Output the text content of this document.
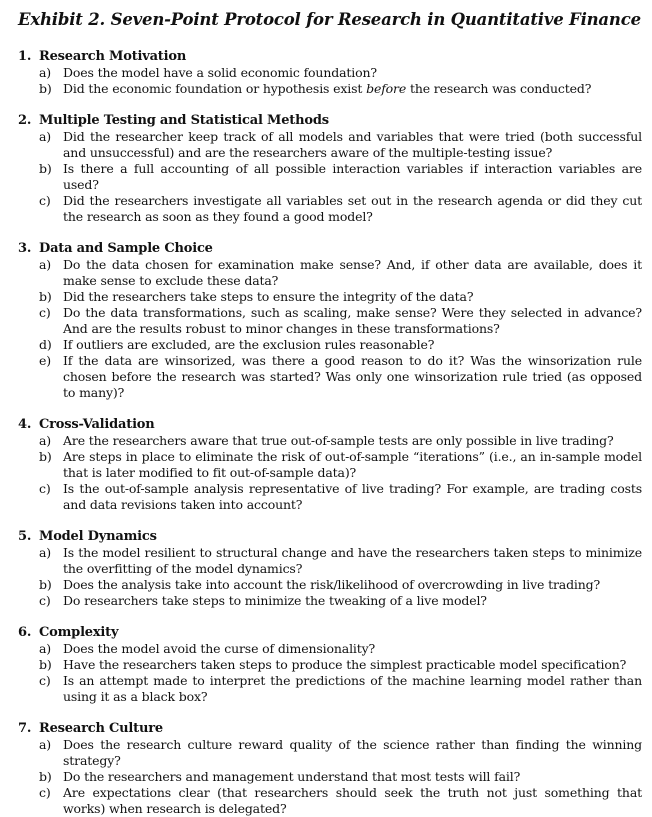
Exhibit 2. Seven-Point Protocol for Research in Quantitative Finance
1. Research Motivation
a) Does the model have a solid economic foundation?
b) Did the economic foundation or hypothesis exist before the research was conducted?
2. Multiple Testing and Statistical Methods
a) Did the researcher keep track of all models and variables that were tried (both successful and unsuccessful) and are the researchers aware of the multiple-testing issue?
b) Is there a full accounting of all possible interaction variables if interaction variables are used?
c) Did the researchers investigate all variables set out in the research agenda or did they cut the research as soon as they found a good model?
3. Data and Sample Choice
a) Do the data chosen for examination make sense? And, if other data are available, does it make sense to exclude these data?
b) Did the researchers take steps to ensure the integrity of the data?
c) Do the data transformations, such as scaling, make sense? Were they selected in advance? And are the results robust to minor changes in these transformations?
d) If outliers are excluded, are the exclusion rules reasonable?
e) If the data are winsorized, was there a good reason to do it? Was the winsorization rule chosen before the research was started? Was only one winsorization rule tried (as opposed to many)?
4. Cross-Validation
a) Are the researchers aware that true out-of-sample tests are only possible in live trading?
b) Are steps in place to eliminate the risk of out-of-sample “iterations” (i.e., an in-sample model that is later modified to fit out-of-sample data)?
c) Is the out-of-sample analysis representative of live trading? For example, are trading costs and data revisions taken into account?
5. Model Dynamics
a) Is the model resilient to structural change and have the researchers taken steps to minimize the overfitting of the model dynamics?
b) Does the analysis take into account the risk/likelihood of overcrowding in live trading?
c) Do researchers take steps to minimize the tweaking of a live model?
6. Complexity
a) Does the model avoid the curse of dimensionality?
b) Have the researchers taken steps to produce the simplest practicable model specification?
c) Is an attempt made to interpret the predictions of the machine learning model rather than using it as a black box?
7. Research Culture
a) Does the research culture reward quality of the science rather than finding the winning strategy?
b) Do the researchers and management understand that most tests will fail?
c) Are expectations clear (that researchers should seek the truth not just something that works) when research is delegated?
